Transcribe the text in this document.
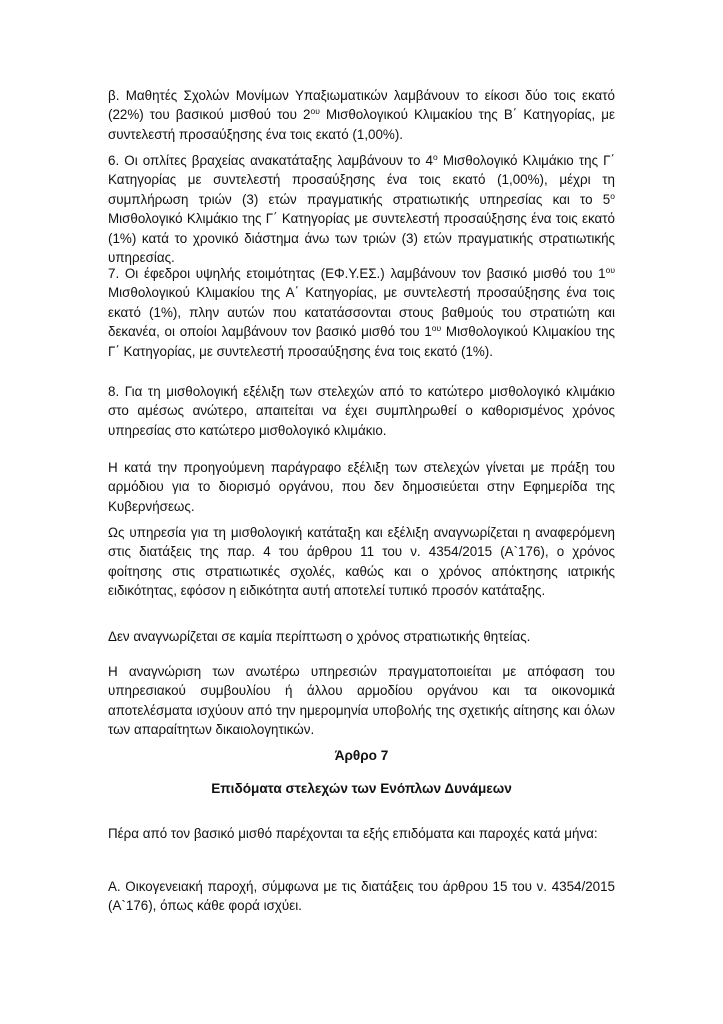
β. Μαθητές Σχολών Μονίμων Υπαξιωματικών λαμβάνουν το είκοσι δύο τοις εκατό (22%) του βασικού μισθού του $2^{o\upsilon}$ Μισθολογικού Κλιμακίου της Β΄ Κατηγορίας, με συντελεστή προσαύξησης ένα τοις εκατό (1,00%).

6. Οι οπλίτες βραχείας ανακατάταξης λαμβάνουν το $4^o$ Μισθολογικό Κλιμάκιο της Γ΄ Κατηγορίας με συντελεστή προσαύξησης ένα τοις εκατό (1,00%), μέχρι τη συμπλήρωση τριών (3) ετών πραγματικής στρατιωτικής υπηρεσίας και το $5^o$ Μισθολογικό Κλιμάκιο της Γ΄ Κατηγορίας με συντελεστή προσαύξησης ένα τοις εκατό (1%) κατά το χρονικό διάστημα άνω των τριών (3) ετών πραγματικής στρατιωτικής υπηρεσίας.

7. Οι έφεδροι υψηλής ετοιμότητας (ΕΦ.Υ.ΕΣ.) λαμβάνουν τον βασικό μισθό του $1^{o\upsilon}$ Μισθολογικού Κλιμακίου της Α΄ Κατηγορίας, με συντελεστή προσαύξησης ένα τοις εκατό (1%), πλην αυτών που κατατάσσονται στους βαθμούς του στρατιώτη και δεκανέα, οι οποίοι λαμβάνουν τον βασικό μισθό του $1^{o\upsilon}$ Μισθολογικού Κλιμακίου της Γ΄ Κατηγορίας, με συντελεστή προσαύξησης ένα τοις εκατό (1%).

8. Για τη μισθολογική εξέλιξη των στελεχών από το κατώτερο μισθολογικό κλιμάκιο στο αμέσως ανώτερο, απαιτείται να έχει συμπληρωθεί ο καθορισμένος χρόνος υπηρεσίας στο κατώτερο μισθολογικό κλιμάκιο.

Η κατά την προηγούμενη παράγραφο εξέλιξη των στελεχών γίνεται με πράξη του αρμόδιου για το διορισμό οργάνου, που δεν δημοσιεύεται στην Εφημερίδα της Κυβερνήσεως.

Ως υπηρεσία για τη μισθολογική κατάταξη και εξέλιξη αναγνωρίζεται η αναφερόμενη στις διατάξεις της παρ. 4 του άρθρου 11 του ν. 4354/2015 (Α`176), ο χρόνος φοίτησης στις στρατιωτικές σχολές, καθώς και ο χρόνος απόκτησης ιατρικής ειδικότητας, εφόσον η ειδικότητα αυτή αποτελεί τυπικό προσόν κατάταξης.

Δεν αναγνωρίζεται σε καμία περίπτωση ο χρόνος στρατιωτικής θητείας.

Η αναγνώριση των ανωτέρω υπηρεσιών πραγματοποιείται με απόφαση του υπηρεσιακού συμβουλίου ή άλλου αρμοδίου οργάνου και τα οικονομικά αποτελέσματα ισχύουν από την ημερομηνία υποβολής της σχετικής αίτησης και όλων των απαραίτητων δικαιολογητικών.

Άρθρο 7

Επιδόματα στελεχών των Ενόπλων Δυνάμεων

Πέρα από τον βασικό μισθό παρέχονται τα εξής επιδόματα και παροχές κατά μήνα:

Α. Οικογενειακή παροχή, σύμφωνα με τις διατάξεις του άρθρου 15 του ν. 4354/2015 (Α`176), όπως κάθε φορά ισχύει.
